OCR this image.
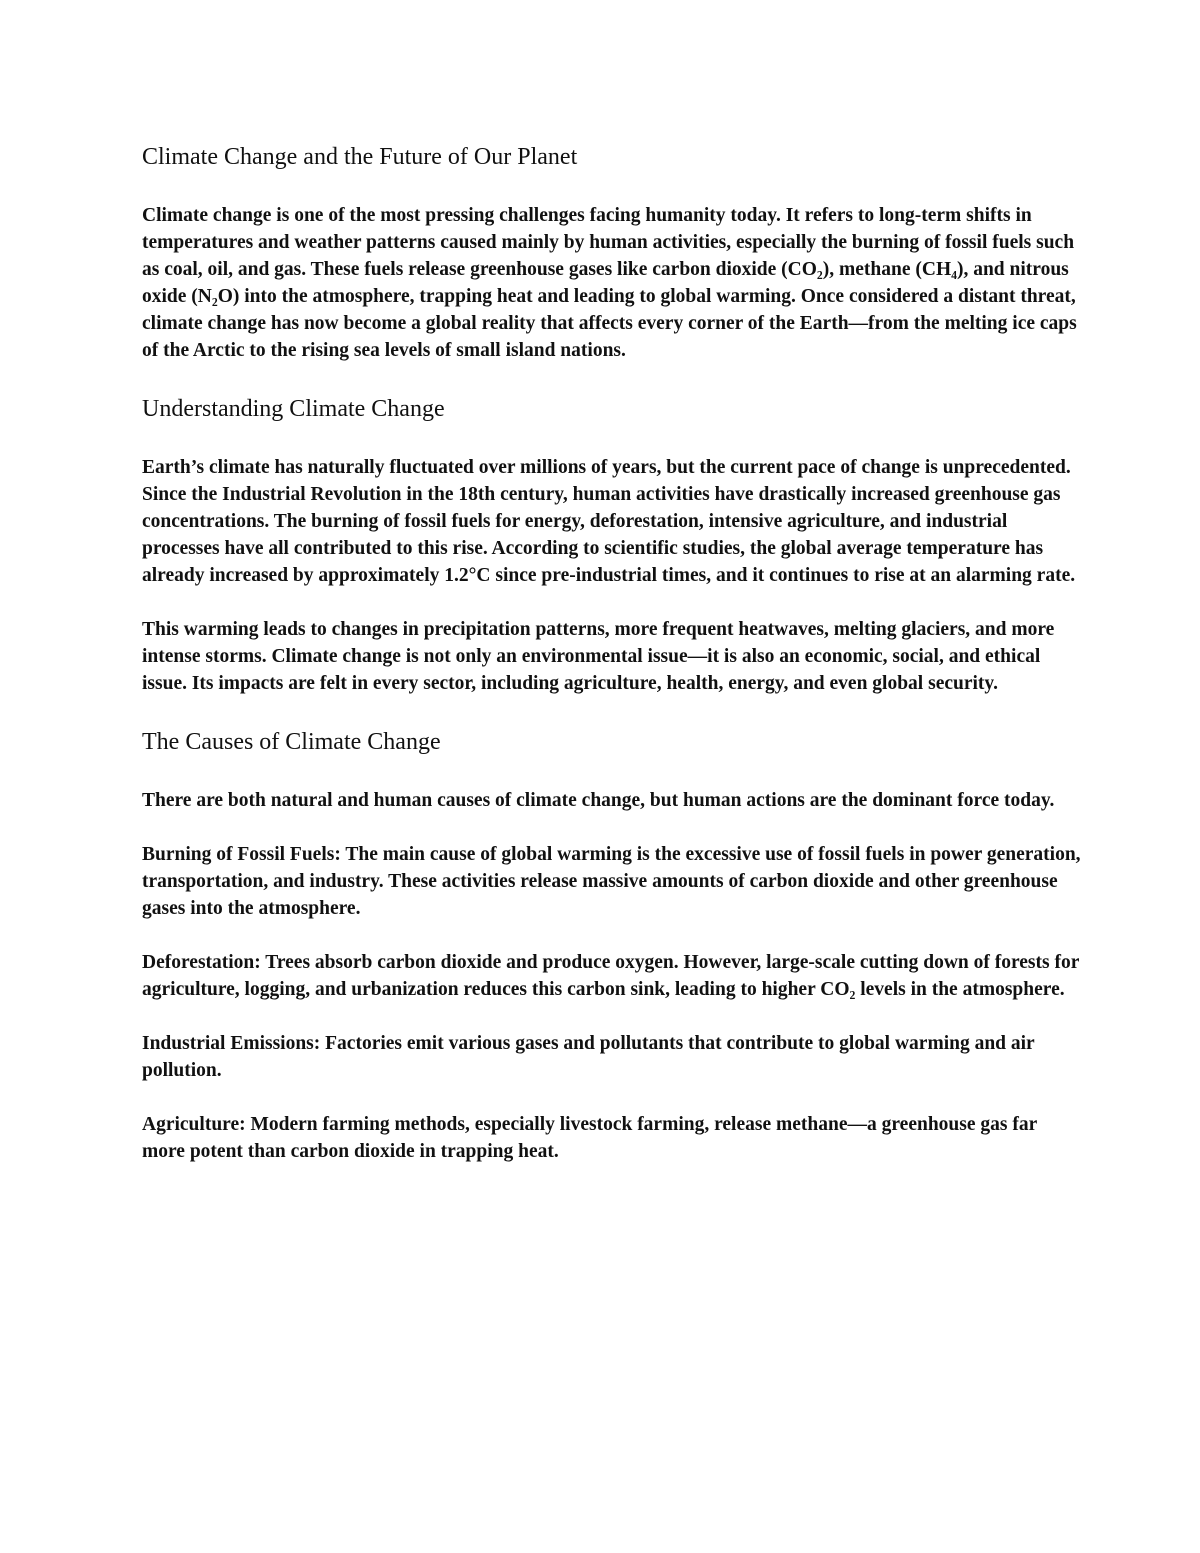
Climate Change and the Future of Our Planet

Climate change is one of the most pressing challenges facing humanity today. It refers to long-term shifts in temperatures and weather patterns caused mainly by human activities, especially the burning of fossil fuels such as coal, oil, and gas. These fuels release greenhouse gases like carbon dioxide (CO₂), methane (CH₄), and nitrous oxide (N₂O) into the atmosphere, trapping heat and leading to global warming. Once considered a distant threat, climate change has now become a global reality that affects every corner of the Earth—from the melting ice caps of the Arctic to the rising sea levels of small island nations.

Understanding Climate Change

Earth’s climate has naturally fluctuated over millions of years, but the current pace of change is unprecedented. Since the Industrial Revolution in the 18th century, human activities have drastically increased greenhouse gas concentrations. The burning of fossil fuels for energy, deforestation, intensive agriculture, and industrial processes have all contributed to this rise. According to scientific studies, the global average temperature has already increased by approximately 1.2°C since pre-industrial times, and it continues to rise at an alarming rate.

This warming leads to changes in precipitation patterns, more frequent heatwaves, melting glaciers, and more intense storms. Climate change is not only an environmental issue—it is also an economic, social, and ethical issue. Its impacts are felt in every sector, including agriculture, health, energy, and even global security.

The Causes of Climate Change

There are both natural and human causes of climate change, but human actions are the dominant force today.

Burning of Fossil Fuels: The main cause of global warming is the excessive use of fossil fuels in power generation, transportation, and industry. These activities release massive amounts of carbon dioxide and other greenhouse gases into the atmosphere.

Deforestation: Trees absorb carbon dioxide and produce oxygen. However, large-scale cutting down of forests for agriculture, logging, and urbanization reduces this carbon sink, leading to higher CO₂ levels in the atmosphere.

Industrial Emissions: Factories emit various gases and pollutants that contribute to global warming and air pollution.

Agriculture: Modern farming methods, especially livestock farming, release methane—a greenhouse gas far more potent than carbon dioxide in trapping heat.
